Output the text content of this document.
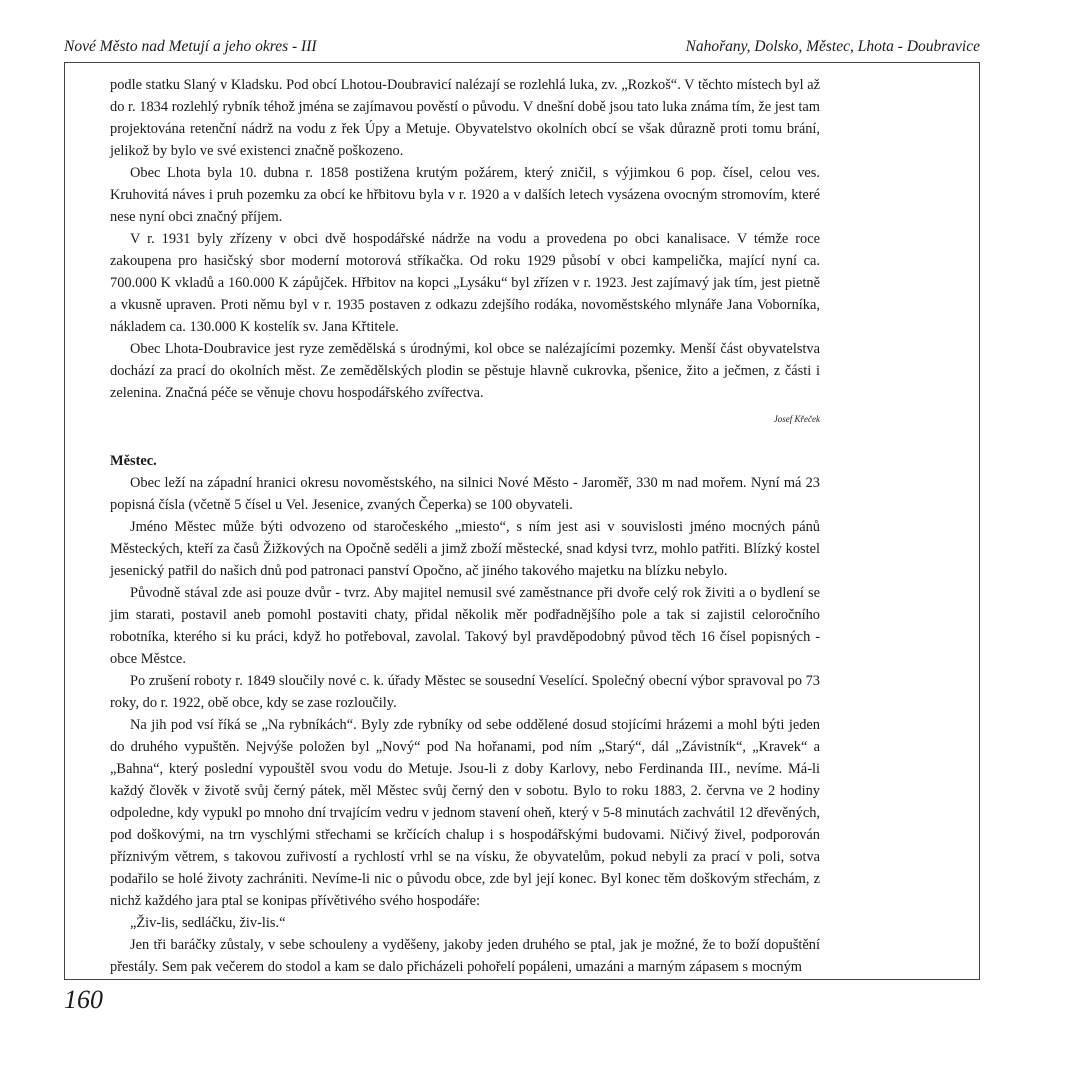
Nové Město nad Metují a jeho okres - III	Nahořany, Dolsko, Městec, Lhota - Doubravice

podle statku Slaný v Kladsku. Pod obcí Lhotou-Doubravicí nalézají se rozlehlá luka, zv. „Rozkoš“. V těchto místech byl až do r. 1834 rozlehlý rybník téhož jména se zajímavou pověstí o původu. V dnešní době jsou tato luka známa tím, že jest tam projektována retenční nádrž na vodu z řek Úpy a Metuje. Obyvatelstvo okolních obcí se však důrazně proti tomu brání, jelikož by bylo ve své existenci značně poškozeno.

Obec Lhota byla 10. dubna r. 1858 postižena krutým požárem, který zničil, s výjimkou 6 pop. čísel, celou ves. Kruhovitá náves i pruh pozemku za obcí ke hřbitovu byla v r. 1920 a v dalších letech vysázena ovocným stromovím, které nese nyní obci značný příjem.

V r. 1931 byly zřízeny v obci dvě hospodářské nádrže na vodu a provedena po obci kanalisace. V témže roce zakoupena pro hasičský sbor moderní motorová stříkačka. Od roku 1929 působí v obci kampelička, mající nyní ca. 700.000 K vkladů a 160.000 K zápůjček. Hřbitov na kopci „Lysáku“ byl zřízen v r. 1923. Jest zajímavý jak tím, jest pietně a vkusně upraven. Proti němu byl v r. 1935 postaven z odkazu zdejšího rodáka, novoměstského mlynáře Jana Voborníka, nákladem ca. 130.000 K kostelík sv. Jana Křtitele.

Obec Lhota-Doubravice jest ryze zemědělská s úrodnými, kol obce se nalézajícími pozemky. Menší část obyvatelstva dochází za prací do okolních měst. Ze zemědělských plodin se pěstuje hlavně cukrovka, pšenice, žito a ječmen, z části i zelenina. Značná péče se věnuje chovu hospodářského zvířectva.

Josef Křeček

Městec.

Obec leží na západní hranici okresu novoměstského, na silnici Nové Město - Jaroměř, 330 m nad mořem. Nyní má 23 popisná čísla (včetně 5 čísel u Vel. Jesenice, zvaných Čeperka) se 100 obyvateli.

Jméno Městec může býti odvozeno od staročeského „miesto“, s ním jest asi v souvislosti jméno mocných pánů Městeckých, kteří za časů Žižkových na Opočně seděli a jimž zboží městecké, snad kdysi tvrz, mohlo patřiti. Blízký kostel jesenický patřil do našich dnů pod patronaci panství Opočno, ač jiného takového majetku na blízku nebylo.

Původně stával zde asi pouze dvůr - tvrz. Aby majitel nemusil své zaměstnance při dvoře celý rok živiti a o bydlení se jim starati, postavil aneb pomohl postaviti chaty, přidal několik měr podřadnějšího pole a tak si zajistil celoročního robotníka, kterého si ku práci, když ho potřeboval, zavolal. Takový byl pravděpodobný původ těch 16 čísel popisných - obce Městce.

Po zrušení roboty r. 1849 sloučily nové c. k. úřady Městec se sousední Veselící. Společný obecní výbor spravoval po 73 roky, do r. 1922, obě obce, kdy se zase rozloučily.

Na jih pod vsí říká se „Na rybníkách“. Byly zde rybníky od sebe oddělené dosud stojícími hrázemi a mohl býti jeden do druhého vypuštěn. Nejvýše položen byl „Nový“ pod Na hořanami, pod ním „Starý“, dál „Závistník“, „Kravek“ a „Bahna“, který poslední vypouštěl svou vodu do Metuje. Jsou-li z doby Karlovy, nebo Ferdinanda III., nevíme. Má-li každý člověk v životě svůj černý pátek, měl Městec svůj černý den v sobotu. Bylo to roku 1883, 2. června ve 2 hodiny odpoledne, kdy vypukl po mnoho dní trvajícím vedru v jednom stavení oheň, který v 5-8 minutách zachvátil 12 dřevěných, pod doškovými, na trn vyschlými střechami se krčících chalup i s hospodářskými budovami. Ničivý živel, podporován příznivým větrem, s takovou zuřivostí a rychlostí vrhl se na vísku, že obyvatelům, pokud nebyli za prací v poli, sotva podařilo se holé životy zachrániti. Nevíme-li nic o původu obce, zde byl její konec. Byl konec těm doškovým střechám, z nichž každého jara ptal se konipas přívětivého svého hospodáře:

„Živ-lis, sedláčku, živ-lis.“

Jen tři baráčky zůstaly, v sebe schouleny a vyděšeny, jakoby jeden druhého se ptal, jak je možné, že to boží dopuštění přestály. Sem pak večerem do stodol a kam se dalo přicházeli pohořelí popáleni, umazáni a marným zápasem s mocným

160
